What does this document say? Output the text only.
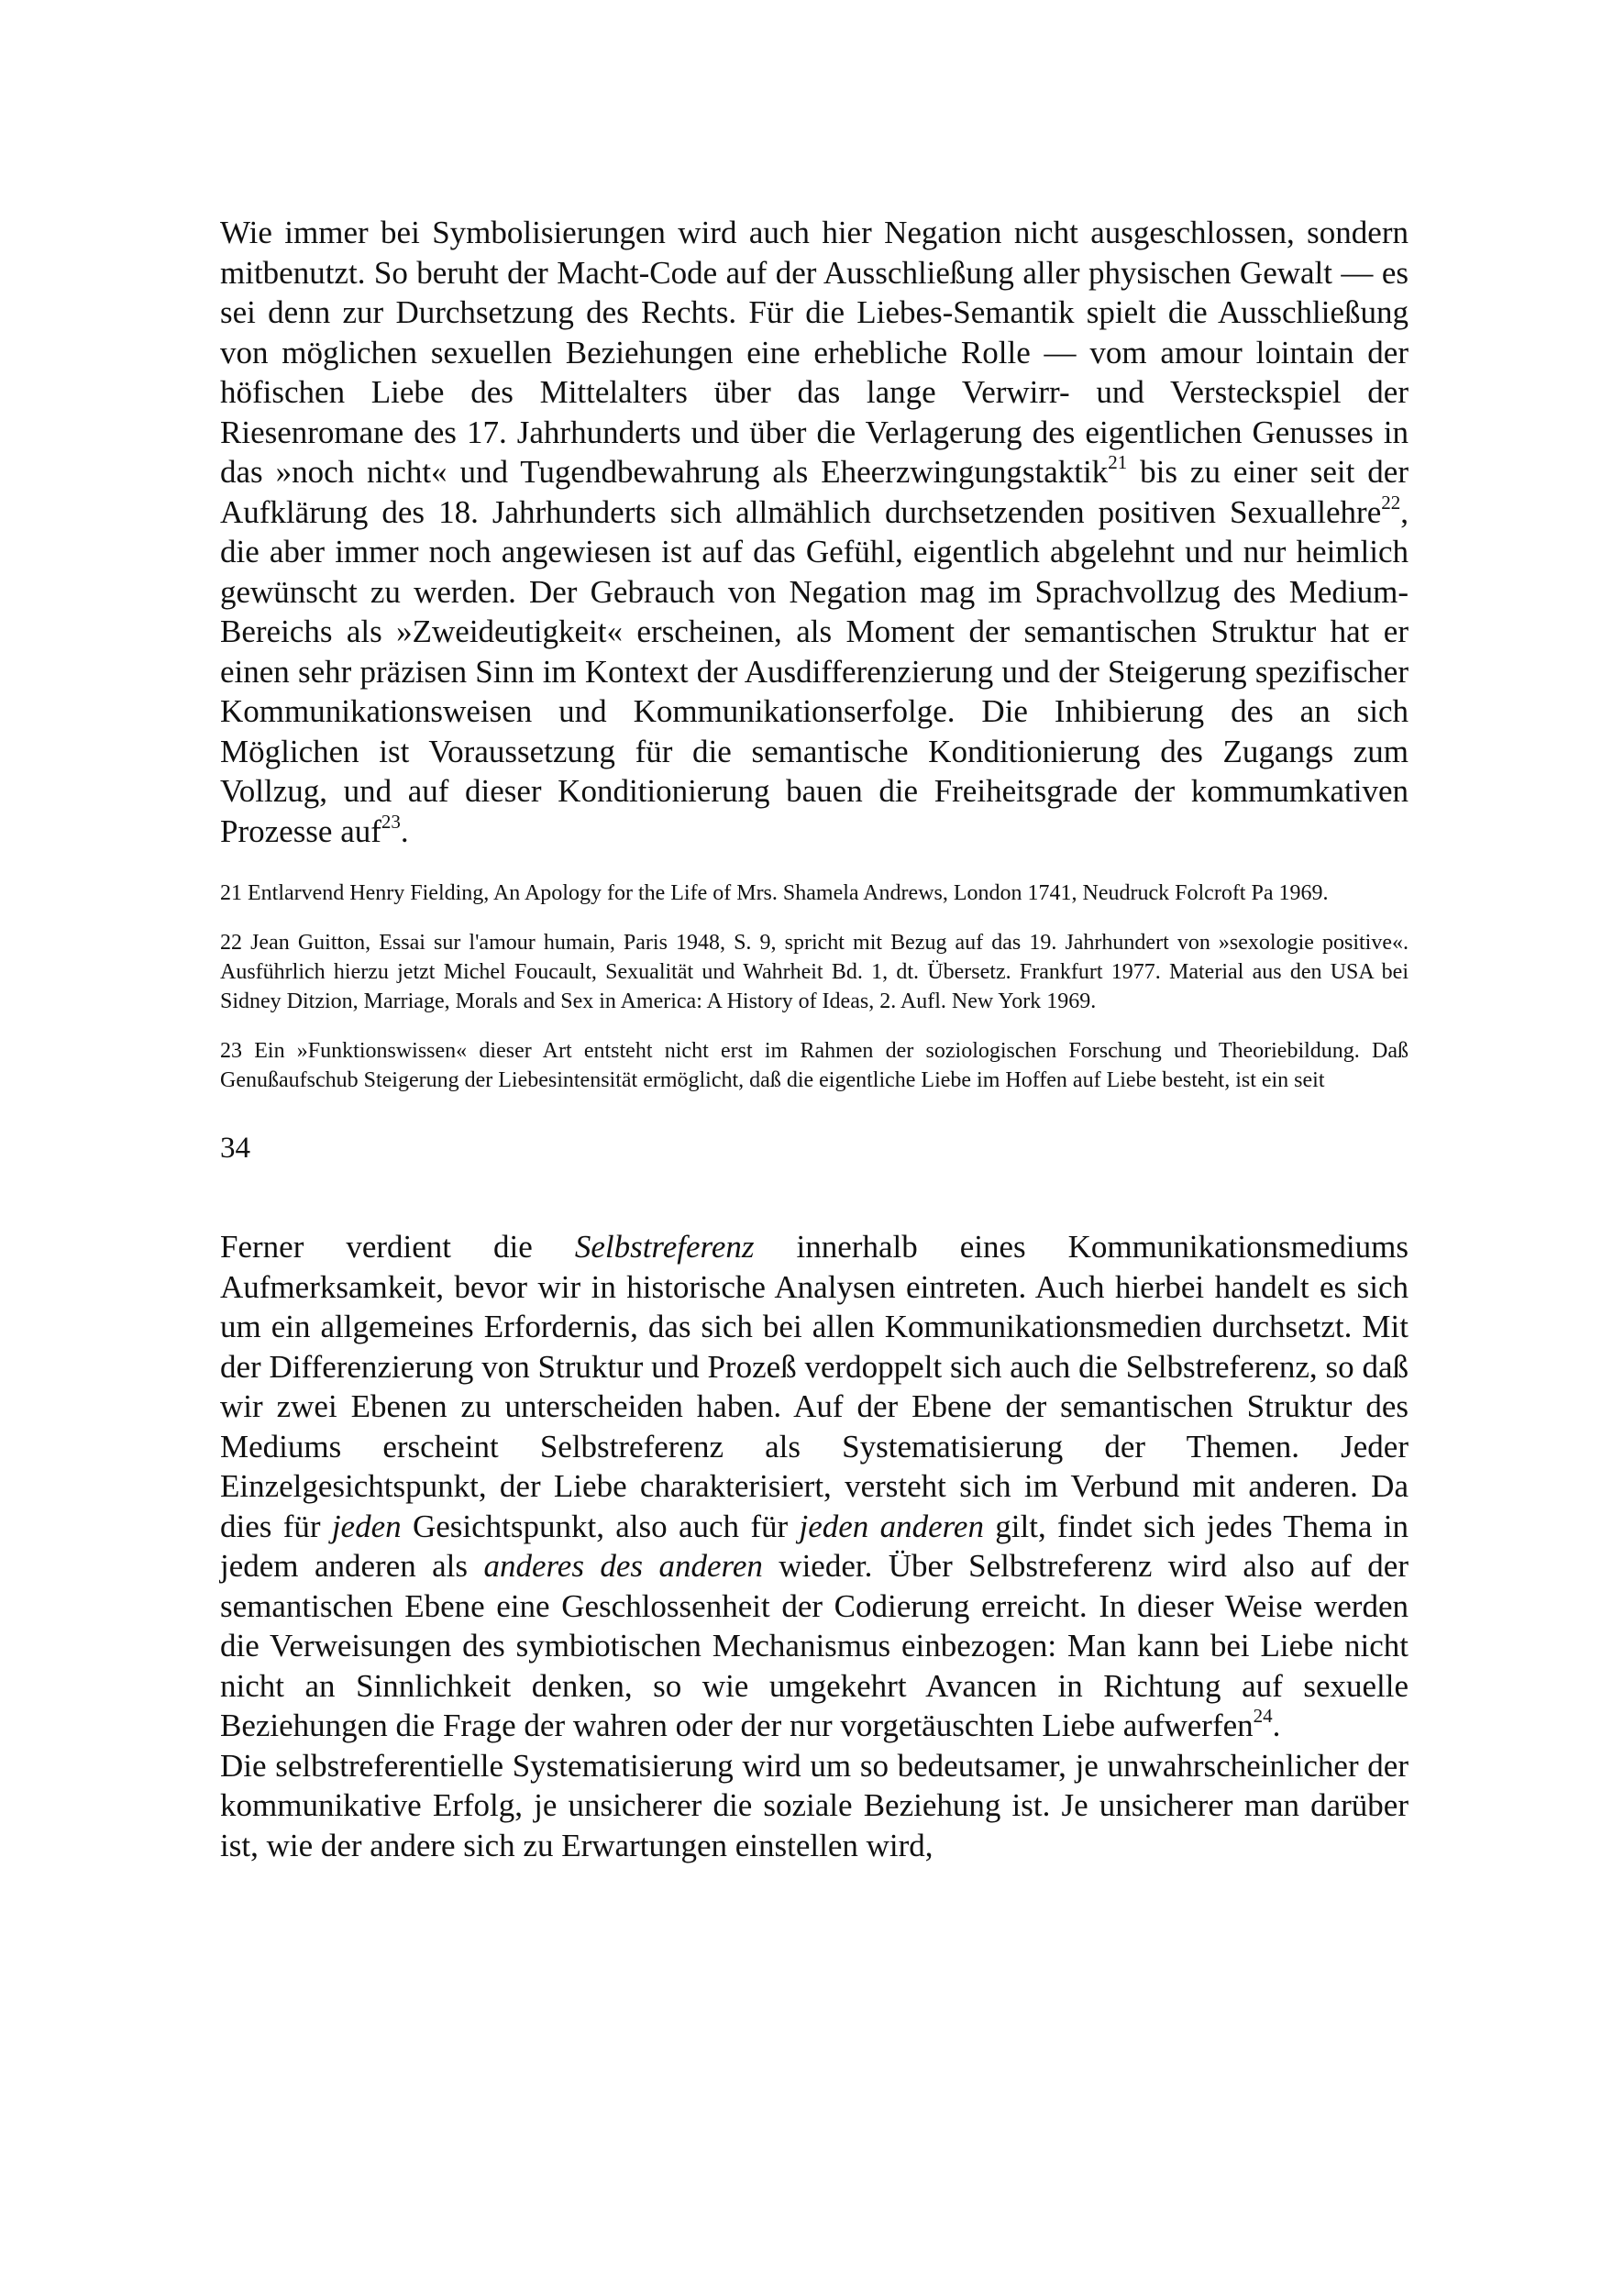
Wie immer bei Symbolisierungen wird auch hier Negation nicht ausgeschlossen, sondern mitbenutzt. So beruht der Macht-Code auf der Ausschließung aller physischen Gewalt — es sei denn zur Durchsetzung des Rechts. Für die Liebes-Semantik spielt die Ausschließung von möglichen sexuellen Beziehungen eine erhebliche Rolle — vom amour lointain der höfischen Liebe des Mittelalters über das lange Verwirr- und Versteckspiel der Riesenromane des 17. Jahrhunderts und über die Verlagerung des eigentlichen Genusses in das »noch nicht« und Tugendbewahrung als Eheerzwingungstaktik$^{21}$ bis zu einer seit der Aufklärung des 18. Jahrhunderts sich allmählich durchsetzenden positiven Sexuallehre$^{22}$, die aber immer noch angewiesen ist auf das Gefühl, eigentlich abgelehnt und nur heimlich gewünscht zu werden. Der Gebrauch von Negation mag im Sprachvollzug des Medium-Bereichs als »Zweideutigkeit« erscheinen, als Moment der semantischen Struktur hat er einen sehr präzisen Sinn im Kontext der Ausdifferenzierung und der Steigerung spezifischer Kommunikationsweisen und Kommunikationserfolge. Die Inhibierung des an sich Möglichen ist Voraussetzung für die semantische Konditionierung des Zugangs zum Vollzug, und auf dieser Konditionierung bauen die Freiheitsgrade der kommumkativen Prozesse auf$^{23}$.

21 Entlarvend Henry Fielding, An Apology for the Life of Mrs. Shamela Andrews, London 1741, Neudruck Folcroft Pa 1969.

22 Jean Guitton, Essai sur l'amour humain, Paris 1948, S. 9, spricht mit Bezug auf das 19. Jahrhundert von »sexologie positive«. Ausführlich hierzu jetzt Michel Foucault, Sexualität und Wahrheit Bd. 1, dt. Übersetz. Frankfurt 1977. Material aus den USA bei Sidney Ditzion, Marriage, Morals and Sex in America: A History of Ideas, 2. Aufl. New York 1969.

23 Ein »Funktionswissen« dieser Art entsteht nicht erst im Rahmen der soziologischen Forschung und Theoriebildung. Daß Genußaufschub Steigerung der Liebesintensität ermöglicht, daß die eigentliche Liebe im Hoffen auf Liebe besteht, ist ein seit

34

Ferner verdient die Selbstreferenz innerhalb eines Kommunikationsmediums Aufmerksamkeit, bevor wir in historische Analysen eintreten. Auch hierbei handelt es sich um ein allgemeines Erfordernis, das sich bei allen Kommunikationsmedien durchsetzt. Mit der Differenzierung von Struktur und Prozeß verdoppelt sich auch die Selbstreferenz, so daß wir zwei Ebenen zu unterscheiden haben. Auf der Ebene der semantischen Struktur des Mediums erscheint Selbstreferenz als Systematisierung der Themen. Jeder Einzelgesichtspunkt, der Liebe charakterisiert, versteht sich im Verbund mit anderen. Da dies für jeden Gesichtspunkt, also auch für jeden anderen gilt, findet sich jedes Thema in jedem anderen als anderes des anderen wieder. Über Selbstreferenz wird also auf der semantischen Ebene eine Geschlossenheit der Codierung erreicht. In dieser Weise werden die Verweisungen des symbiotischen Mechanismus einbezogen: Man kann bei Liebe nicht nicht an Sinnlichkeit denken, so wie umgekehrt Avancen in Richtung auf sexuelle Beziehungen die Frage der wahren oder der nur vorgetäuschten Liebe aufwerfen$^{24}$.

Die selbstreferentielle Systematisierung wird um so bedeutsamer, je unwahrscheinlicher der kommunikative Erfolg, je unsicherer die soziale Beziehung ist. Je unsicherer man darüber ist, wie der andere sich zu Erwartungen einstellen wird,
